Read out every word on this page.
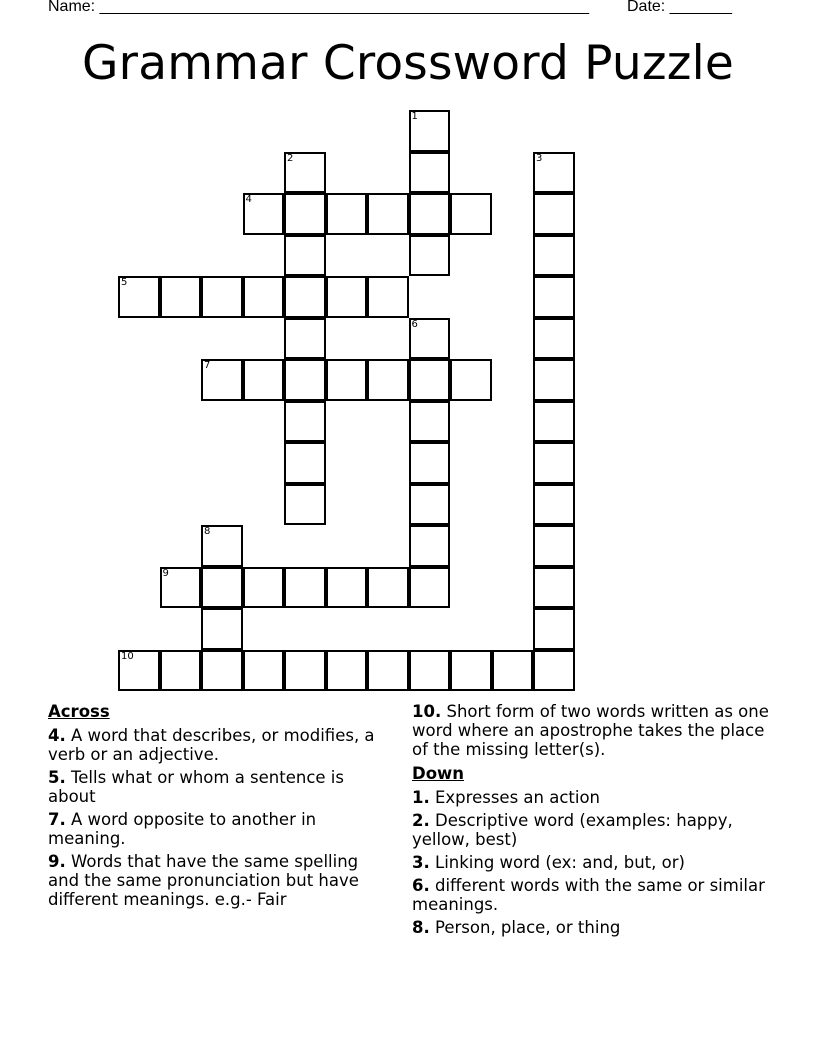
Name: _______________________________________________________ Date: _______
Grammar Crossword Puzzle
1
2	3
4
5
6
7
8
9
10
Across
4. A word that describes, or modifies, a verb or an adjective.
5. Tells what or whom a sentence is about
7. A word opposite to another in meaning.
9. Words that have the same spelling and the same pronunciation but have different meanings. e.g.- Fair
10. Short form of two words written as one word where an apostrophe takes the place of the missing letter(s).
Down
1. Expresses an action
2. Descriptive word (examples: happy, yellow, best)
3. Linking word (ex: and, but, or)
6. different words with the same or similar meanings.
8. Person, place, or thing
